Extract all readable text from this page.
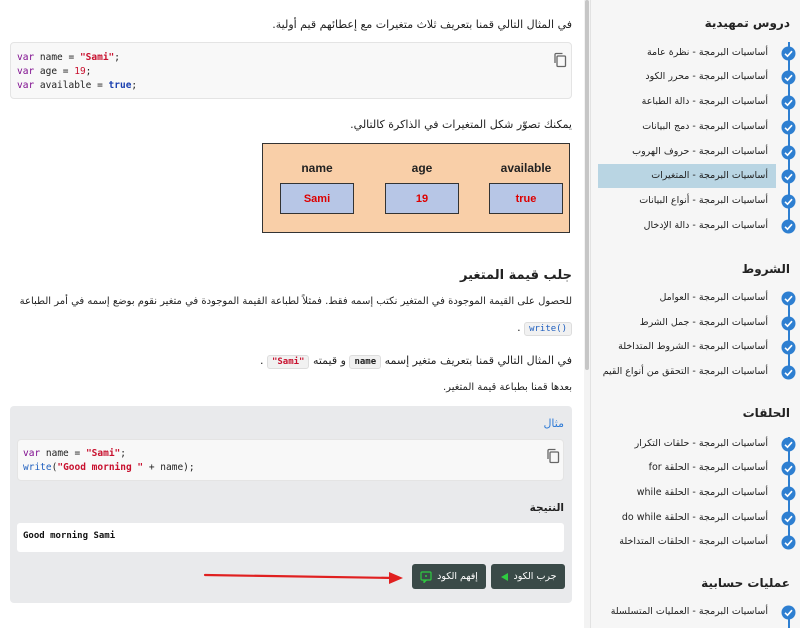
في المثال التالي قمنا بتعريف ثلاث متغيرات مع إعطائهم قيم أولية.
var name = "Sami";
var age = 19;
var available = true;
يمكنك تصوّر شكل المتغيرات في الذاكرة كالتالي.
name
Sami
age
19
available
true
جلب قيمة المتغير
للحصول على القيمة الموجودة في المتغير نكتب إسمه فقط. فمثلاً لطباعة القيمة الموجودة في متغير نقوم بوضع إسمه في أمر الطباعة
write() .
في المثال التالي قمنا بتعريف متغير إسمه name و قيمته "Sami" .
بعدها قمنا بطباعة قيمة المتغير.
مثال
var name = "Sami";
write("Good morning " + name);
النتيجة
Good morning Sami
جرب الكود
إفهم الكود
دروس تمهيدية
أساسيات البرمجة - نظرة عامة
أساسيات البرمجة - محرر الكود
أساسيات البرمجة - دالة الطباعة
أساسيات البرمجة - دمج البيانات
أساسيات البرمجة - حروف الهروب
أساسيات البرمجة - المتغيرات
أساسيات البرمجة - أنواع البيانات
أساسيات البرمجة - دالة الإدخال
الشروط
أساسيات البرمجة - العوامل
أساسيات البرمجة - جمل الشرط
أساسيات البرمجة - الشروط المتداخلة
أساسيات البرمجة - التحقق من أنواع القيم
الحلقات
أساسيات البرمجة - حلقات التكرار
أساسيات البرمجة - الحلقة for
أساسيات البرمجة - الحلقة while
أساسيات البرمجة - الحلقة do while
أساسيات البرمجة - الحلقات المتداخلة
عمليات حسابية
أساسيات البرمجة - العمليات المتسلسلة
